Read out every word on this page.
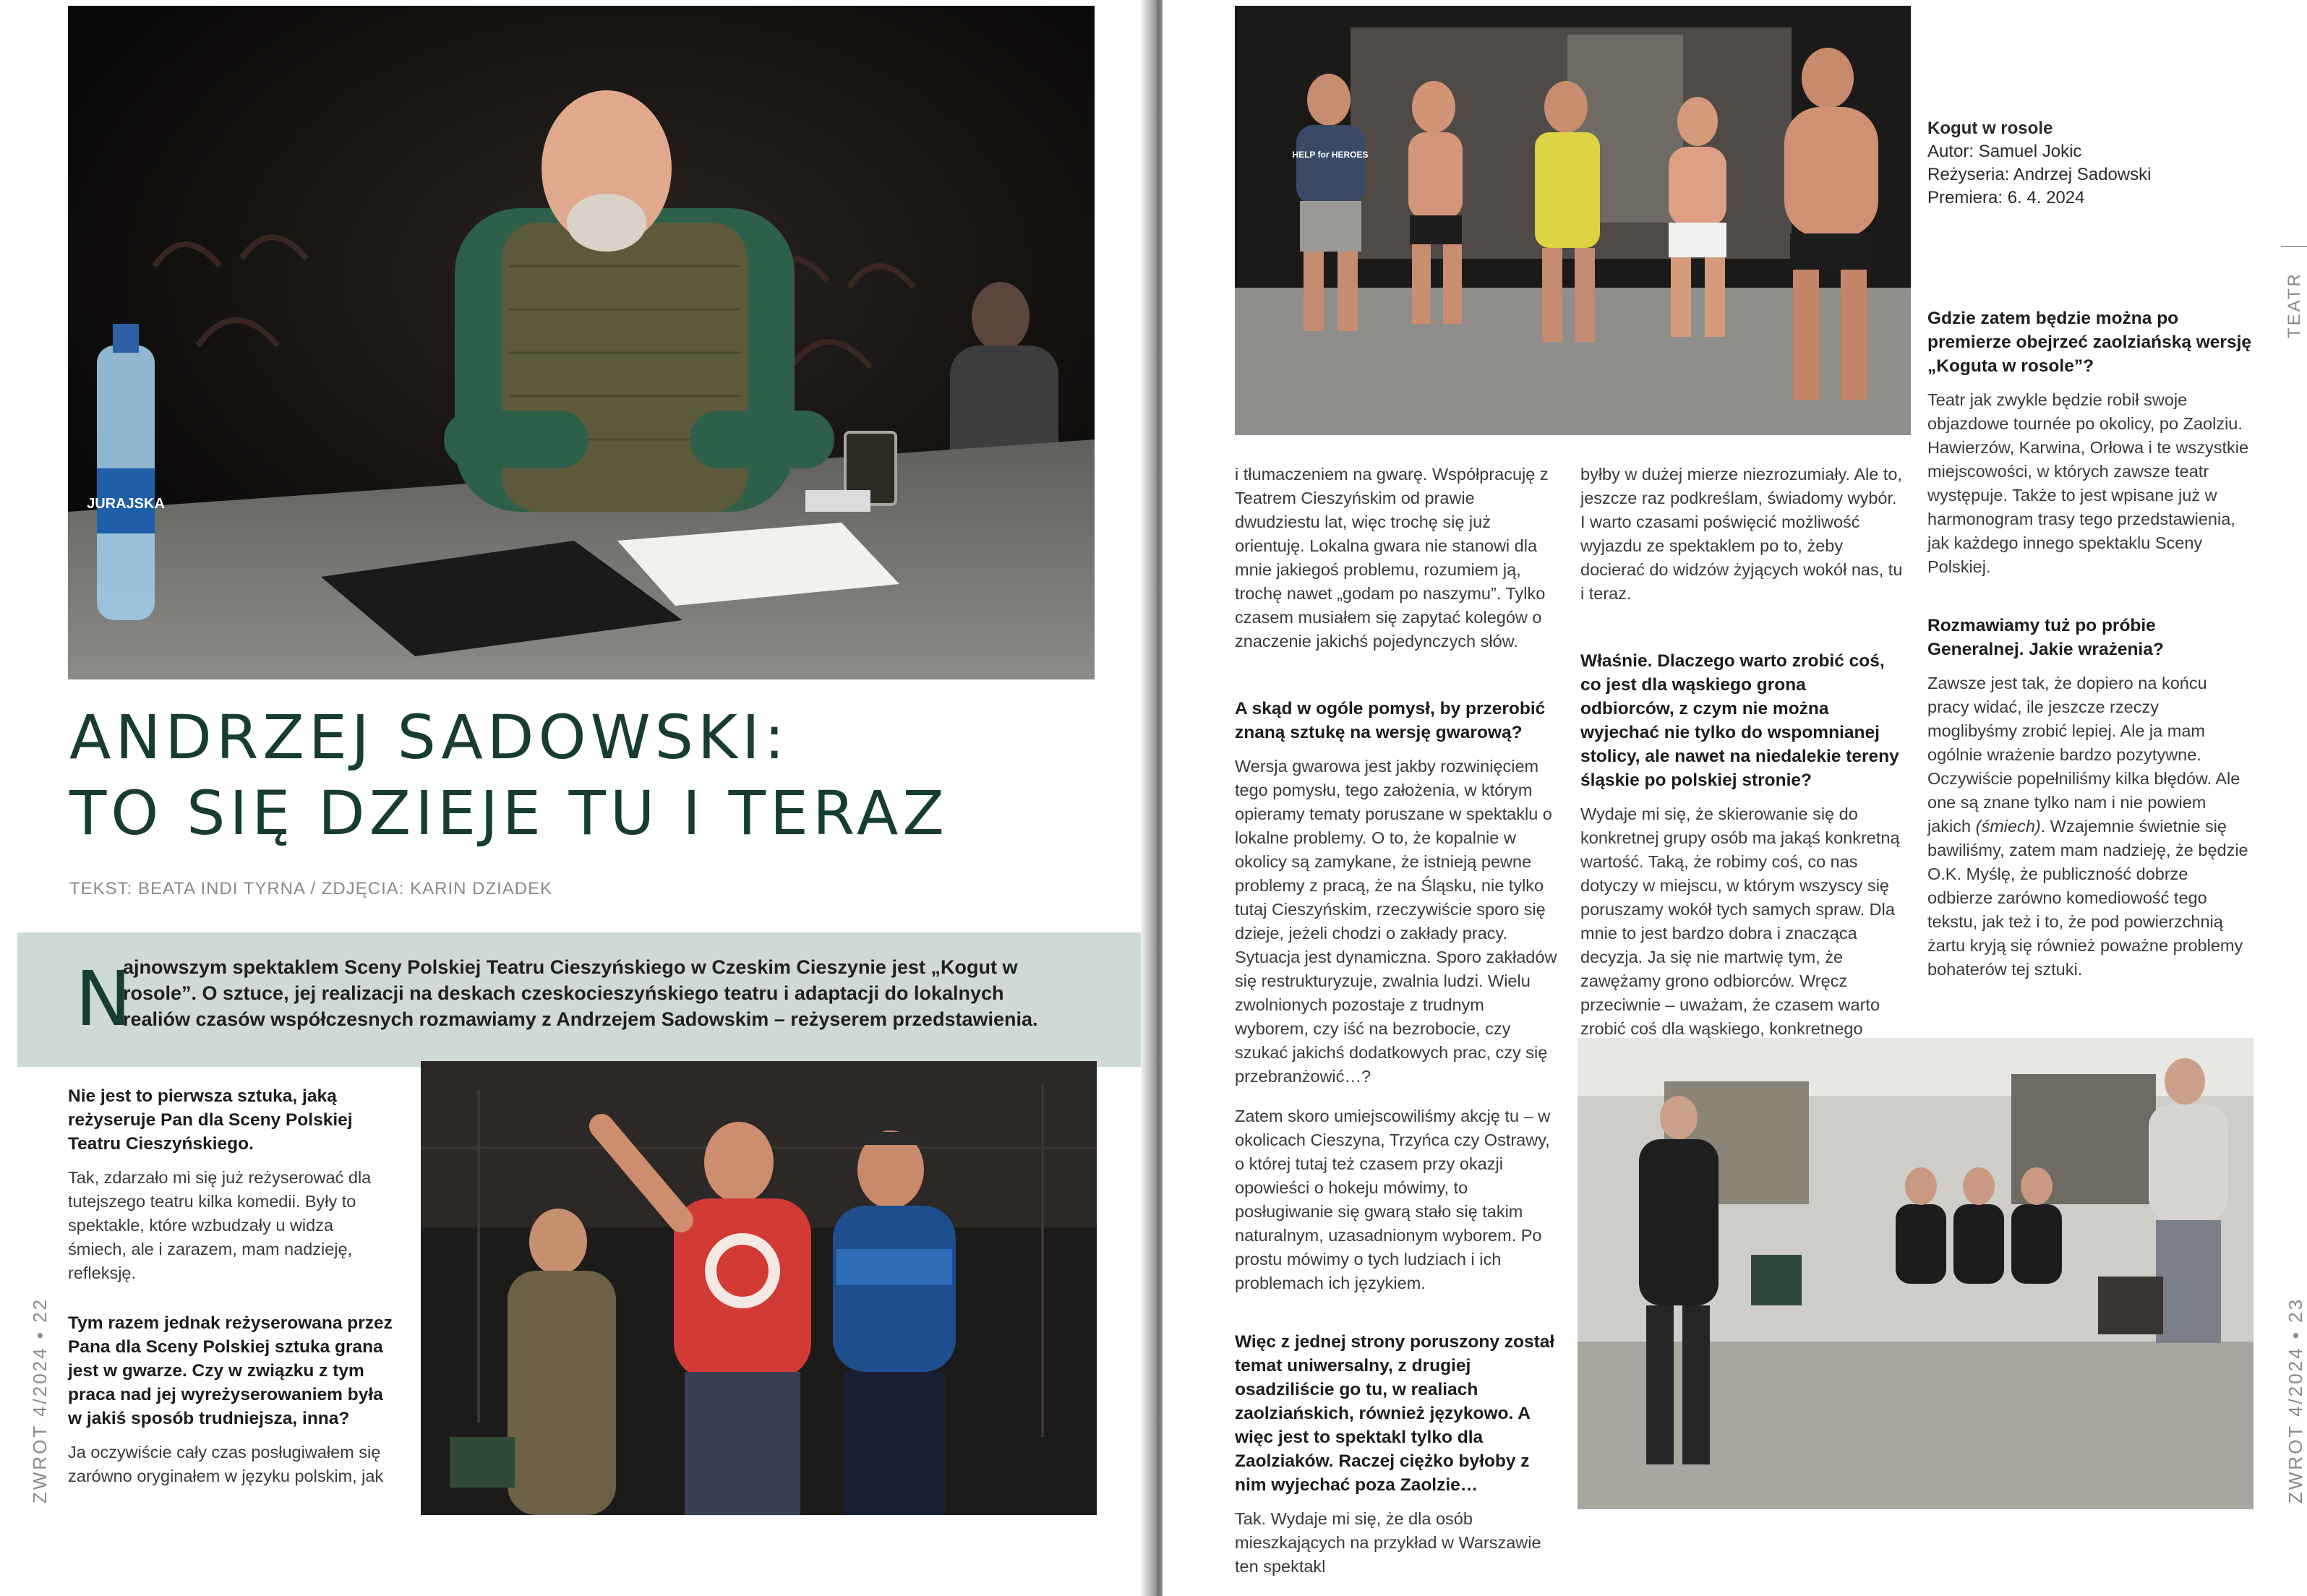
JURAJSKA
ANDRZEJ SADOWSKI:
TO SIĘ DZIEJE TU I TERAZ
TEKST: BEATA INDI TYRNA / ZDJĘCIA: KARIN DZIADEK
N
ajnowszym spektaklem Sceny Polskiej Teatru Cieszyńskiego w Czeskim Cieszynie jest „Kogut w rosole”. O sztuce, jej realizacji na deskach czeskocieszyńskiego teatru i adaptacji do lokalnych realiów czasów współczesnych rozmawiamy z Andrzejem Sadowskim – reżyserem przedstawienia.

Nie jest to pierwsza sztuka, jaką reżyseruje Pan dla Sceny Polskiej Teatru Cieszyńskiego.

Tak, zdarzało mi się już reżyserować dla tutejszego teatru kilka komedii. Były to spektakle, które wzbudzały u widza śmiech, ale i zarazem, mam nadzieję, refleksję.

Tym razem jednak reżyserowana przez Pana dla Sceny Polskiej sztuka grana jest w gwarze. Czy w związku z tym praca nad jej wyreżyserowaniem była w jakiś sposób trudniejsza, inna?

Ja oczywiście cały czas posługiwałem się zarówno oryginałem w języku polskim, jak

ZWROT 4/2024 • 22
HELP for HEROES

i tłumaczeniem na gwarę. Współpracuję z Teatrem Cieszyńskim od prawie dwudziestu lat, więc trochę się już orientuję. Lokalna gwara nie stanowi dla mnie jakiegoś problemu, rozumiem ją, trochę nawet „godam po naszymu”. Tylko czasem musiałem się zapytać kolegów o znaczenie jakichś pojedynczych słów.

A skąd w ogóle pomysł, by przerobić znaną sztukę na wersję gwarową?

Wersja gwarowa jest jakby rozwinięciem tego pomysłu, tego założenia, w którym opieramy tematy poruszane w spektaklu o lokalne problemy. O to, że kopalnie w okolicy są zamykane, że istnieją pewne problemy z pracą, że na Śląsku, nie tylko tutaj Cieszyńskim, rzeczywiście sporo się dzieje, jeżeli chodzi o zakłady pracy. Sytuacja jest dynamiczna. Sporo zakładów się restrukturyzuje, zwalnia ludzi. Wielu zwolnionych pozostaje z trudnym wyborem, czy iść na bezrobocie, czy szukać jakichś dodatkowych prac, czy się przebranżowić…?

Zatem skoro umiejscowiliśmy akcję tu – w okolicach Cieszyna, Trzyńca czy Ostrawy, o której tutaj też czasem przy okazji opowieści o hokeju mówimy, to posługiwanie się gwarą stało się takim naturalnym, uzasadnionym wyborem. Po prostu mówimy o tych ludziach i ich problemach ich językiem.

Więc z jednej strony poruszony został temat uniwersalny, z drugiej osadziliście go tu, w realiach zaolziańskich, również językowo. A więc jest to spektakl tylko dla Zaolziaków. Raczej ciężko byłoby z nim wyjechać poza Zaolzie…

Tak. Wydaje mi się, że dla osób mieszkających na przykład w Warszawie ten spektakl

byłby w dużej mierze niezrozumiały. Ale to, jeszcze raz podkreślam, świadomy wybór. I warto czasami poświęcić możliwość wyjazdu ze spektaklem po to, żeby docierać do widzów żyjących wokół nas, tu i teraz.

Właśnie. Dlaczego warto zrobić coś, co jest dla wąskiego grona odbiorców, z czym nie można wyjechać nie tylko do wspomnianej stolicy, ale nawet na niedalekie tereny śląskie po polskiej stronie?

Wydaje mi się, że skierowanie się do konkretnej grupy osób ma jakąś konkretną wartość. Taką, że robimy coś, co nas dotyczy w miejscu, w którym wszyscy się poruszamy wokół tych samych spraw. Dla mnie to jest bardzo dobra i znacząca decyzja. Ja się nie martwię tym, że zawężamy grono odbiorców. Wręcz przeciwnie – uważam, że czasem warto zrobić coś dla wąskiego, konkretnego

Gdzie zatem będzie można po premierze obejrzeć zaolziańską wersję „Koguta w rosole”?

Teatr jak zwykle będzie robił swoje objazdowe tournée po okolicy, po Zaolziu. Hawierzów, Karwina, Orłowa i te wszystkie miejscowości, w których zawsze teatr występuje. Także to jest wpisane już w harmonogram trasy tego przedstawienia, jak każdego innego spektaklu Sceny Polskiej.

Rozmawiamy tuż po próbie Generalnej. Jakie wrażenia?

Zawsze jest tak, że dopiero na końcu pracy widać, ile jeszcze rzeczy moglibyśmy zrobić lepiej. Ale ja mam ogólnie wrażenie bardzo pozytywne. Oczywiście popełniliśmy kilka błędów. Ale one są znane tylko nam i nie powiem jakich (śmiech). Wzajemnie świetnie się bawiliśmy, zatem mam nadzieję, że będzie O.K. Myślę, że publiczność dobrze odbierze zarówno komediowość tego tekstu, jak też i to, że pod powierzchnią żartu kryją się również poważne problemy bohaterów tej sztuki.

TEATR
ZWROT 4/2024 • 23
Kogut w rosole
Autor: Samuel Jokic
Reżyseria: Andrzej Sadowski
Premiera: 6. 4. 2024
